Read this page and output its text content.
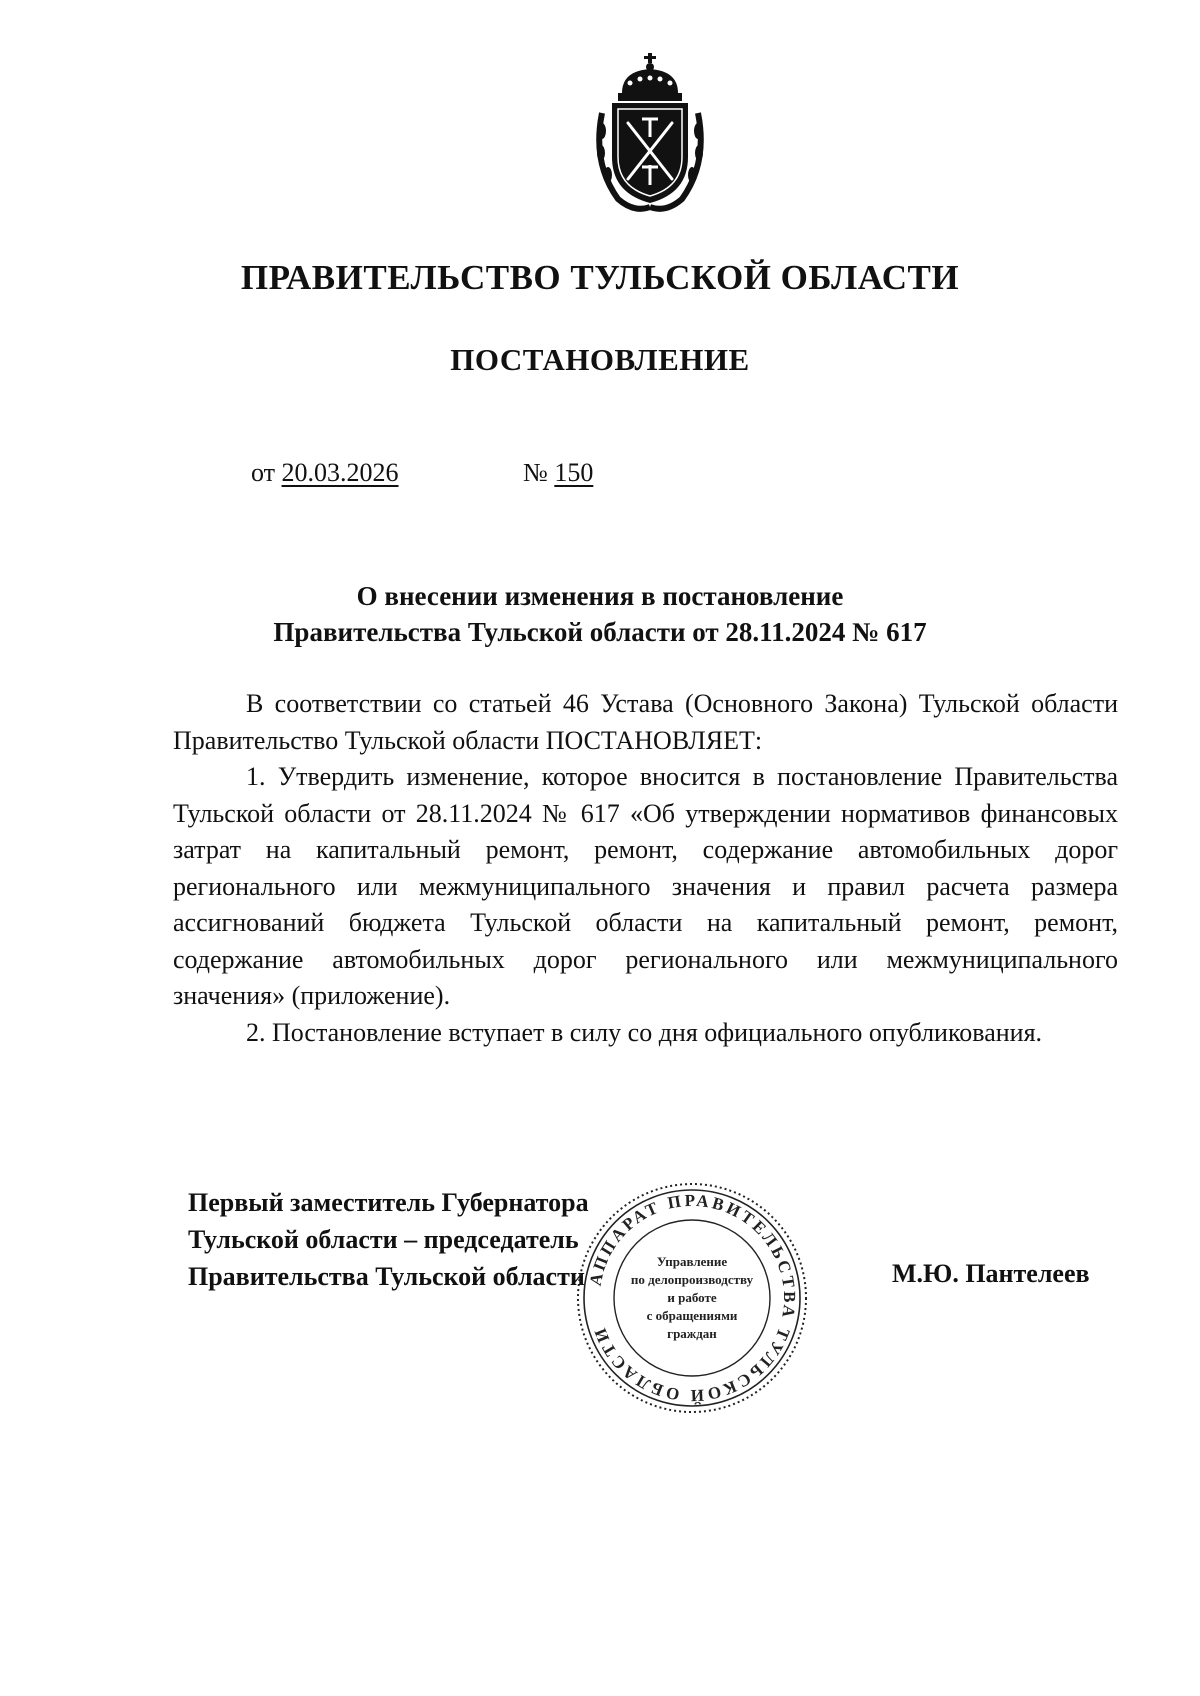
ПРАВИТЕЛЬСТВО ТУЛЬСКОЙ ОБЛАСТИ
ПОСТАНОВЛЕНИЕ
от 20.03.2026	№ 150
О внесении изменения в постановление
Правительства Тульской области от 28.11.2024 № 617

В соответствии со статьей 46 Устава (Основного Закона) Тульской области Правительство Тульской области ПОСТАНОВЛЯЕТ:

1. Утвердить изменение, которое вносится в постановление Правительства Тульской области от 28.11.2024 № 617 «Об утверждении нормативов финансовых затрат на капитальный ремонт, ремонт, содержание автомобильных дорог регионального или межмуниципального значения и правил расчета размера ассигнований бюджета Тульской области на капитальный ремонт, ремонт, содержание автомобильных дорог регионального или межмуниципального значения» (приложение).

2. Постановление вступает в силу со дня официального опубликования.

Первый заместитель Губернатора
Тульской области – председатель
Правительства Тульской области АППАРАТ ПРАВИТЕЛЬСТВА ТУЛЬСКОЙ ОБЛАСТИ
Управление
по делопроизводству
и работе
с обращениями
граждан
М.Ю. Пантелеев
